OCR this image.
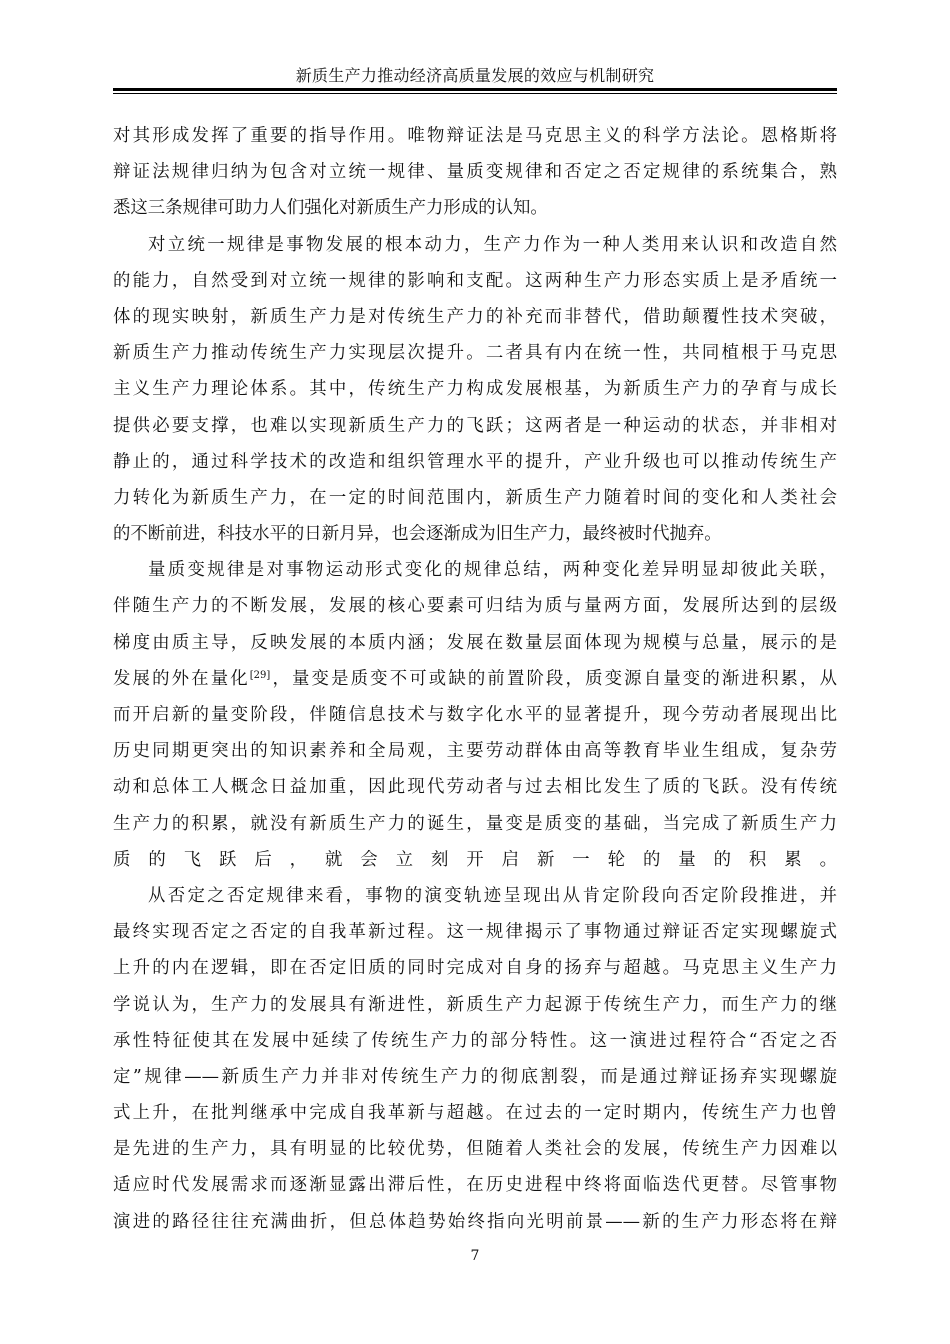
新质生产力推动经济高质量发展的效应与机制研究
对其形成发挥了重要的指导作用。唯物辩证法是马克思主义的科学方法论。恩格斯将
辩证法规律归纳为包含对立统一规律、量质变规律和否定之否定规律的系统集合，熟
悉这三条规律可助力人们强化对新质生产力形成的认知。
对立统一规律是事物发展的根本动力，生产力作为一种人类用来认识和改造自然
的能力，自然受到对立统一规律的影响和支配。这两种生产力形态实质上是矛盾统一
体的现实映射，新质生产力是对传统生产力的补充而非替代，借助颠覆性技术突破，
新质生产力推动传统生产力实现层次提升。二者具有内在统一性，共同植根于马克思
主义生产力理论体系。其中，传统生产力构成发展根基，为新质生产力的孕育与成长
提供必要支撑，也难以实现新质生产力的飞跃；这两者是一种运动的状态，并非相对
静止的，通过科学技术的改造和组织管理水平的提升，产业升级也可以推动传统生产
力转化为新质生产力，在一定的时间范围内，新质生产力随着时间的变化和人类社会
的不断前进，科技水平的日新月异，也会逐渐成为旧生产力，最终被时代抛弃。
量质变规律是对事物运动形式变化的规律总结，两种变化差异明显却彼此关联，
伴随生产力的不断发展，发展的核心要素可归结为质与量两方面，发展所达到的层级
梯度由质主导，反映发展的本质内涵；发展在数量层面体现为规模与总量，展示的是
发展的外在量化[29]，量变是质变不可或缺的前置阶段，质变源自量变的渐进积累，从
而开启新的量变阶段，伴随信息技术与数字化水平的显著提升，现今劳动者展现出比
历史同期更突出的知识素养和全局观，主要劳动群体由高等教育毕业生组成，复杂劳
动和总体工人概念日益加重，因此现代劳动者与过去相比发生了质的飞跃。没有传统
生产力的积累，就没有新质生产力的诞生，量变是质变的基础，当完成了新质生产力
质的飞跃后，就会立刻开启新一轮的量的积累。
从否定之否定规律来看，事物的演变轨迹呈现出从肯定阶段向否定阶段推进，并
最终实现否定之否定的自我革新过程。这一规律揭示了事物通过辩证否定实现螺旋式
上升的内在逻辑，即在否定旧质的同时完成对自身的扬弃与超越。马克思主义生产力
学说认为，生产力的发展具有渐进性，新质生产力起源于传统生产力，而生产力的继
承性特征使其在发展中延续了传统生产力的部分特性。这一演进过程符合“否定之否
定”规律——新质生产力并非对传统生产力的彻底割裂，而是通过辩证扬弃实现螺旋
式上升，在批判继承中完成自我革新与超越。在过去的一定时期内，传统生产力也曾
是先进的生产力，具有明显的比较优势，但随着人类社会的发展，传统生产力因难以
适应时代发展需求而逐渐显露出滞后性，在历史进程中终将面临迭代更替。尽管事物
演进的路径往往充满曲折，但总体趋势始终指向光明前景——新的生产力形态将在辩
7
